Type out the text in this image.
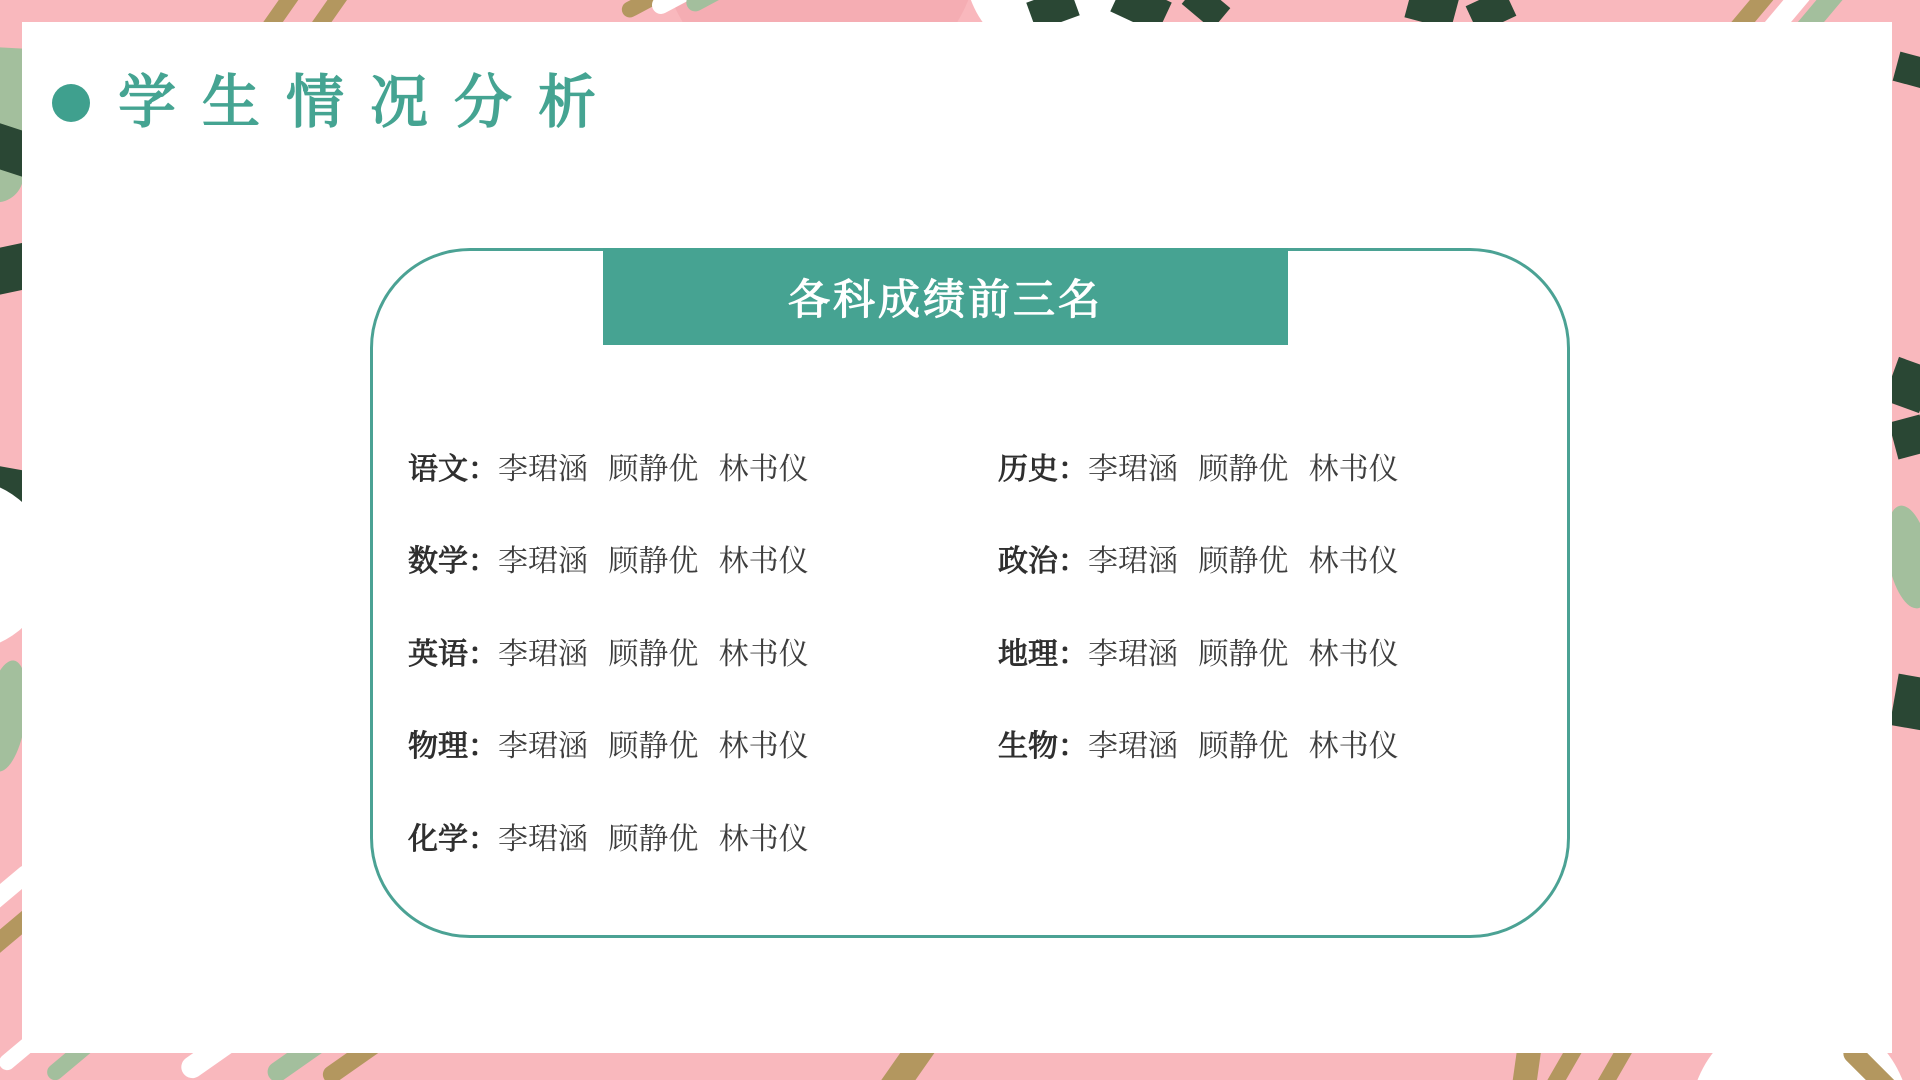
学生情况分析
各科成绩前三名
语文：李珺涵 顾静优 林书仪
数学：李珺涵 顾静优 林书仪
英语：李珺涵 顾静优 林书仪
物理：李珺涵 顾静优 林书仪
化学：李珺涵 顾静优 林书仪
历史：李珺涵 顾静优 林书仪
政治：李珺涵 顾静优 林书仪
地理：李珺涵 顾静优 林书仪
生物：李珺涵 顾静优 林书仪
